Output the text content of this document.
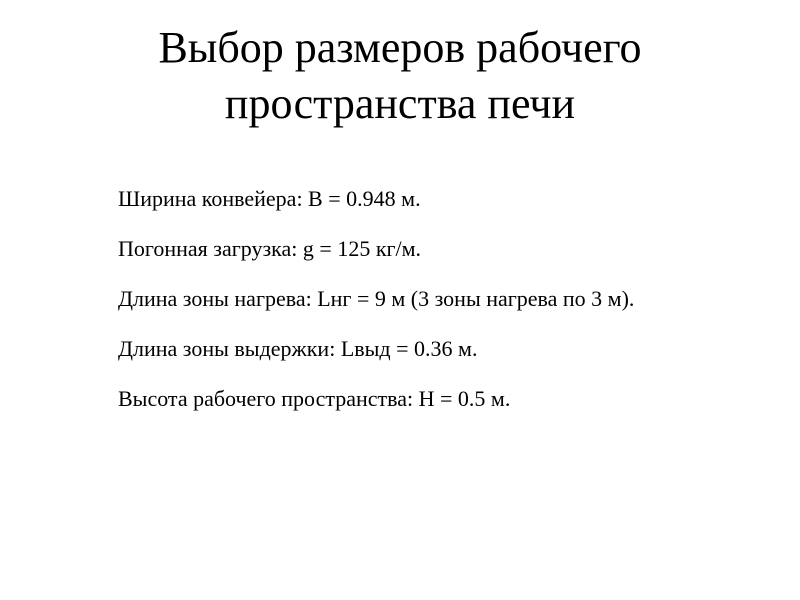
Выбор размеров рабочего
пространства печи
Ширина конвейера: В = 0.948 м.
Погонная загрузка: g = 125 кг/м.
Длина зоны нагрева: Lнг = 9 м (3 зоны нагрева по 3 м).
Длина зоны выдержки: Lвыд = 0.36 м.
Высота рабочего пространства: Н = 0.5 м.
